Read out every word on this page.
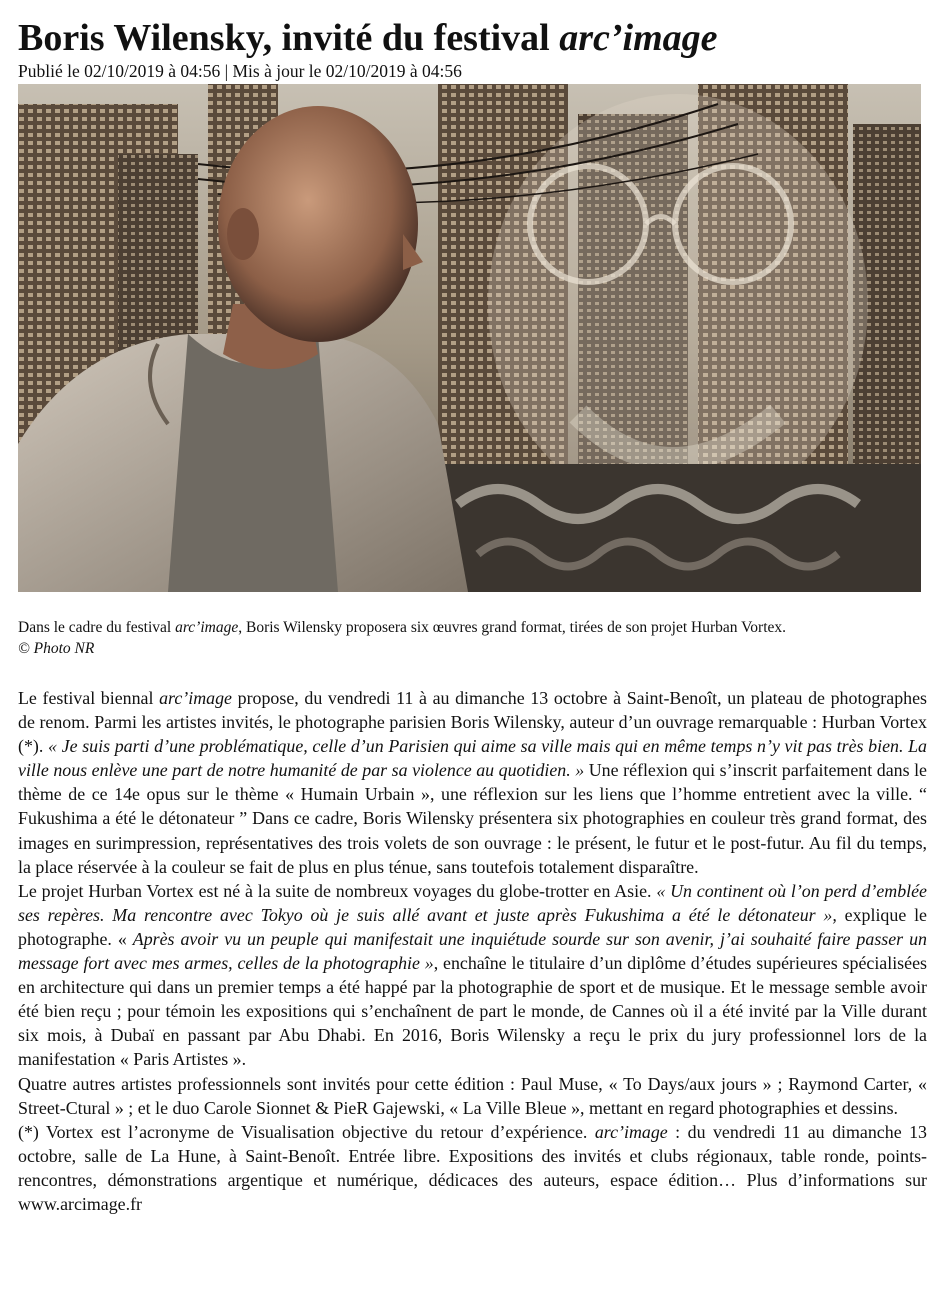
Boris Wilensky, invité du festival arc’image
Publié le 02/10/2019 à 04:56 | Mis à jour le 02/10/2019 à 04:56
Dans le cadre du festival arc’image, Boris Wilensky proposera six œuvres grand format, tirées de son projet Hurban Vortex.
© Photo NR

Le festival biennal arc’image propose, du vendredi 11 à au dimanche 13 octobre à Saint-Benoît, un plateau de photographes de renom. Parmi les artistes invités, le photographe parisien Boris Wilensky, auteur d’un ouvrage remarquable : Hurban Vortex (*). « Je suis parti d’une problématique, celle d’un Parisien qui aime sa ville mais qui en même temps n’y vit pas très bien. La ville nous enlève une part de notre humanité de par sa violence au quotidien. » Une réflexion qui s’inscrit parfaitement dans le thème de ce 14e opus sur le thème « Humain Urbain », une réflexion sur les liens que l’homme entretient avec la ville. “ Fukushima a été le détonateur ” Dans ce cadre, Boris Wilensky présentera six photographies en couleur très grand format, des images en surimpression, représentatives des trois volets de son ouvrage : le présent, le futur et le post-futur. Au fil du temps, la place réservée à la couleur se fait de plus en plus ténue, sans toutefois totalement disparaître.

Le projet Hurban Vortex est né à la suite de nombreux voyages du globe-trotter en Asie. « Un continent où l’on perd d’emblée ses repères. Ma rencontre avec Tokyo où je suis allé avant et juste après Fukushima a été le détonateur », explique le photographe. « Après avoir vu un peuple qui manifestait une inquiétude sourde sur son avenir, j’ai souhaité faire passer un message fort avec mes armes, celles de la photographie », enchaîne le titulaire d’un diplôme d’études supérieures spécialisées en architecture qui dans un premier temps a été happé par la photographie de sport et de musique. Et le message semble avoir été bien reçu ; pour témoin les expositions qui s’enchaînent de part le monde, de Cannes où il a été invité par la Ville durant six mois, à Dubaï en passant par Abu Dhabi. En 2016, Boris Wilensky a reçu le prix du jury professionnel lors de la manifestation « Paris Artistes ».

Quatre autres artistes professionnels sont invités pour cette édition : Paul Muse, « To Days/aux jours » ; Raymond Carter, « Street-Ctural » ; et le duo Carole Sionnet & PieR Gajewski, « La Ville Bleue », mettant en regard photographies et dessins.

(*) Vortex est l’acronyme de Visualisation objective du retour d’expérience. arc’image : du vendredi 11 au dimanche 13 octobre, salle de La Hune, à Saint-Benoît. Entrée libre. Expositions des invités et clubs régionaux, table ronde, points-rencontres, démonstrations argentique et numérique, dédicaces des auteurs, espace édition… Plus d’informations sur www.arcimage.fr
